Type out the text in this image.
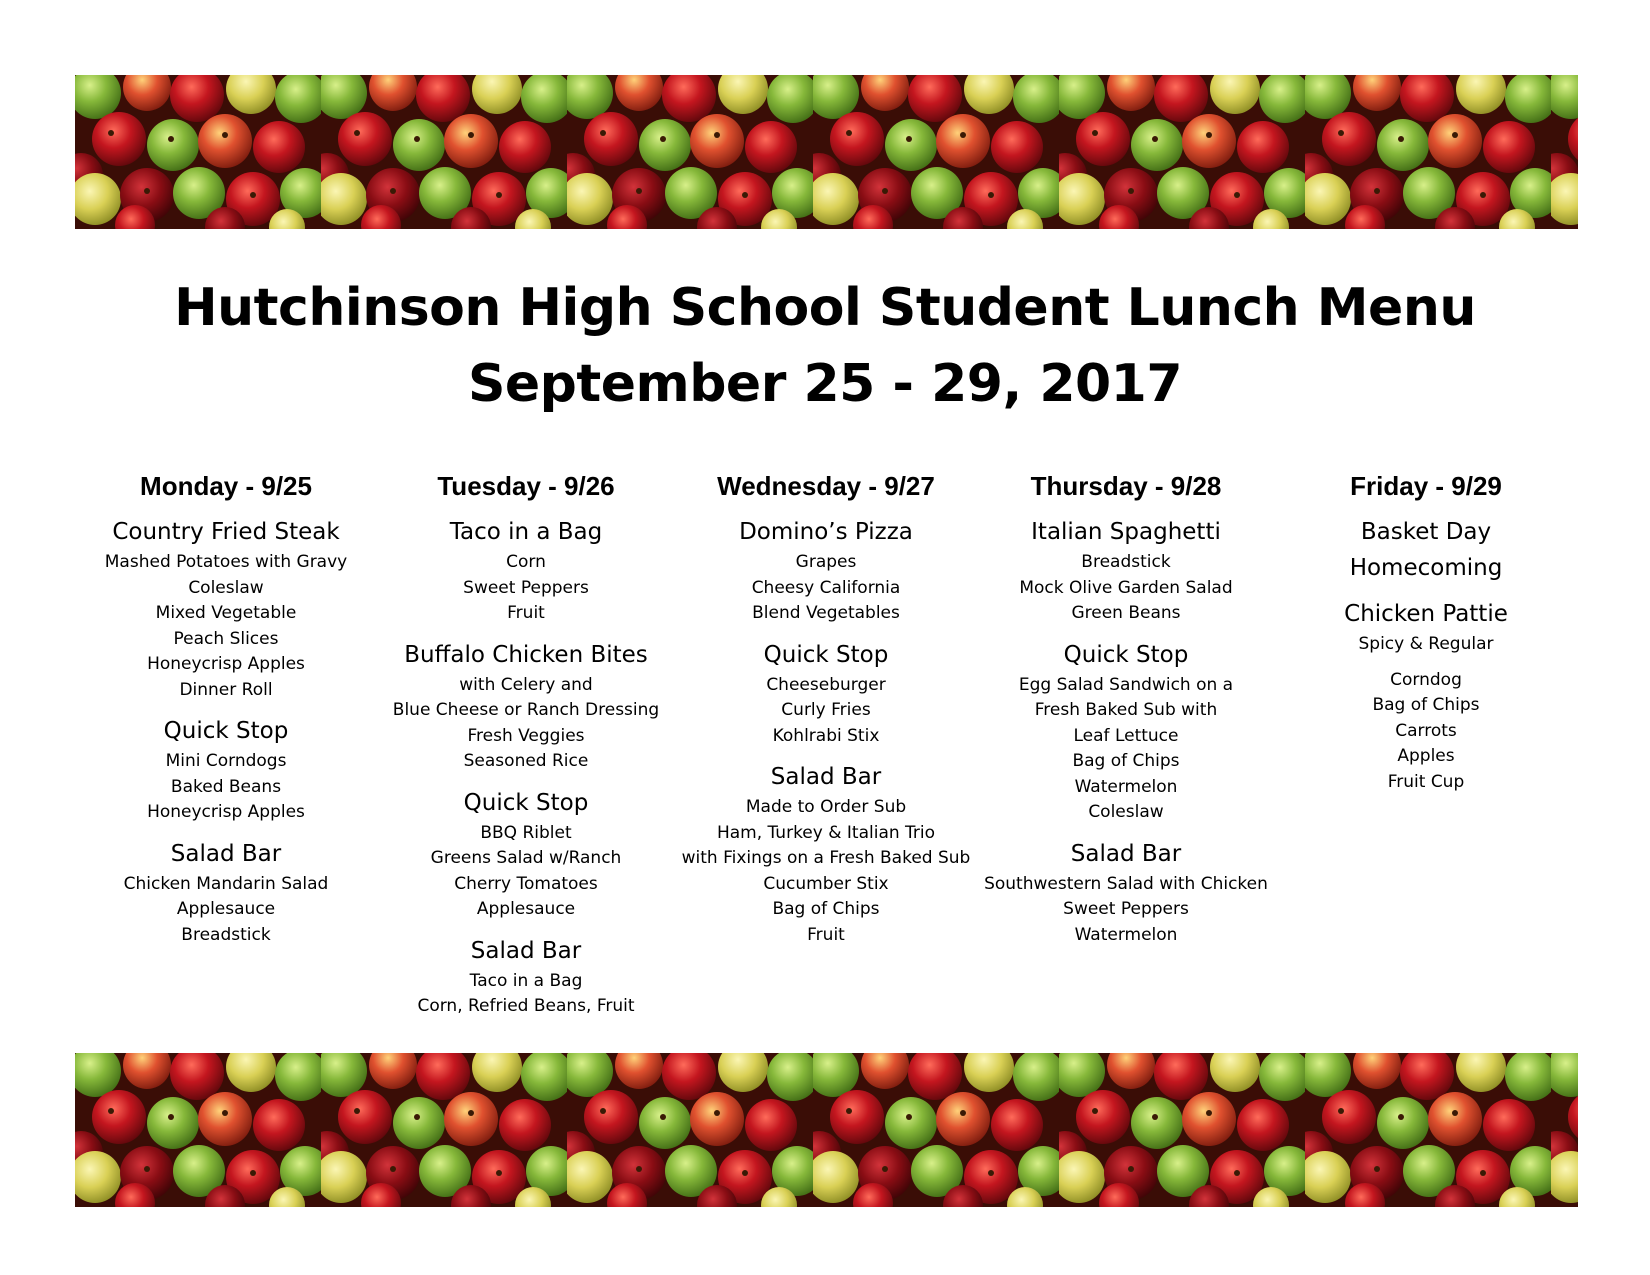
Hutchinson High School Student Lunch Menu
September 25 - 29, 2017
Monday - 9/25
Country Fried Steak
Mashed Potatoes with Gravy
Coleslaw
Mixed Vegetable
Peach Slices
Honeycrisp Apples
Dinner Roll
Quick Stop
Mini Corndogs
Baked Beans
Honeycrisp Apples
Salad Bar
Chicken Mandarin Salad
Applesauce
Breadstick
Tuesday - 9/26
Taco in a Bag
Corn
Sweet Peppers
Fruit
Buffalo Chicken Bites
with Celery and
Blue Cheese or Ranch Dressing
Fresh Veggies
Seasoned Rice
Quick Stop
BBQ Riblet
Greens Salad w/Ranch
Cherry Tomatoes
Applesauce
Salad Bar
Taco in a Bag
Corn, Refried Beans, Fruit
Wednesday - 9/27
Domino’s Pizza
Grapes
Cheesy California
Blend Vegetables
Quick Stop
Cheeseburger
Curly Fries
Kohlrabi Stix
Salad Bar
Made to Order Sub
Ham, Turkey & Italian Trio
with Fixings on a Fresh Baked Sub
Cucumber Stix
Bag of Chips
Fruit
Thursday - 9/28
Italian Spaghetti
Breadstick
Mock Olive Garden Salad
Green Beans
Quick Stop
Egg Salad Sandwich on a
Fresh Baked Sub with
Leaf Lettuce
Bag of Chips
Watermelon
Coleslaw
Salad Bar
Southwestern Salad with Chicken
Sweet Peppers
Watermelon
Friday - 9/29
Basket Day
Homecoming
Chicken Pattie
Spicy & Regular
Corndog
Bag of Chips
Carrots
Apples
Fruit Cup
